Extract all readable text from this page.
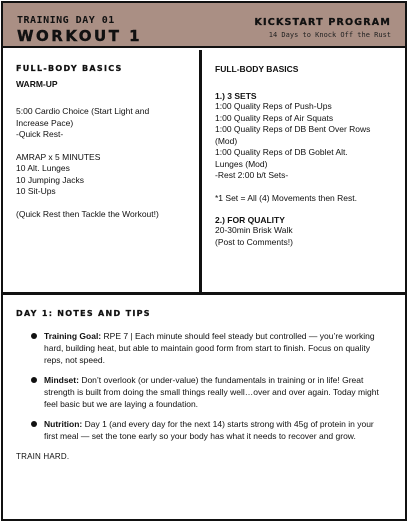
TRAINING DAY 01
WORKOUT 1
KICKSTART PROGRAM
14 Days to Knock Off the Rust
FULL-BODY BASICS
WARM-UP
5:00 Cardio Choice (Start Light and
Increase Pace)
-Quick Rest-
AMRAP x 5 MINUTES
10 Alt. Lunges
10 Jumping Jacks
10 Sit-Ups
(Quick Rest then Tackle the Workout!)
FULL-BODY BASICS
1.) 3 SETS
1:00 Quality Reps of Push-Ups
1:00 Quality Reps of Air Squats
1:00 Quality Reps of DB Bent Over Rows
(Mod)
1:00 Quality Reps of DB Goblet Alt.
Lunges (Mod)
-Rest 2:00 b/t Sets-
*1 Set = All (4) Movements then Rest.
2.) FOR QUALITY
20-30min Brisk Walk
(Post to Comments!)
DAY 1: NOTES AND TIPS
Training Goal: RPE 7 | Each minute should feel steady but controlled — you’re working hard, building heat, but able to maintain good form from start to finish. Focus on quality reps, not speed.
Mindset: Don’t overlook (or under-value) the fundamentals in training or in life! Great strength is built from doing the small things really well…over and over again. Today might feel basic but we are laying a foundation.
Nutrition: Day 1 (and every day for the next 14) starts strong with 45g of protein in your first meal — set the tone early so your body has what it needs to recover and grow.
TRAIN HARD.
